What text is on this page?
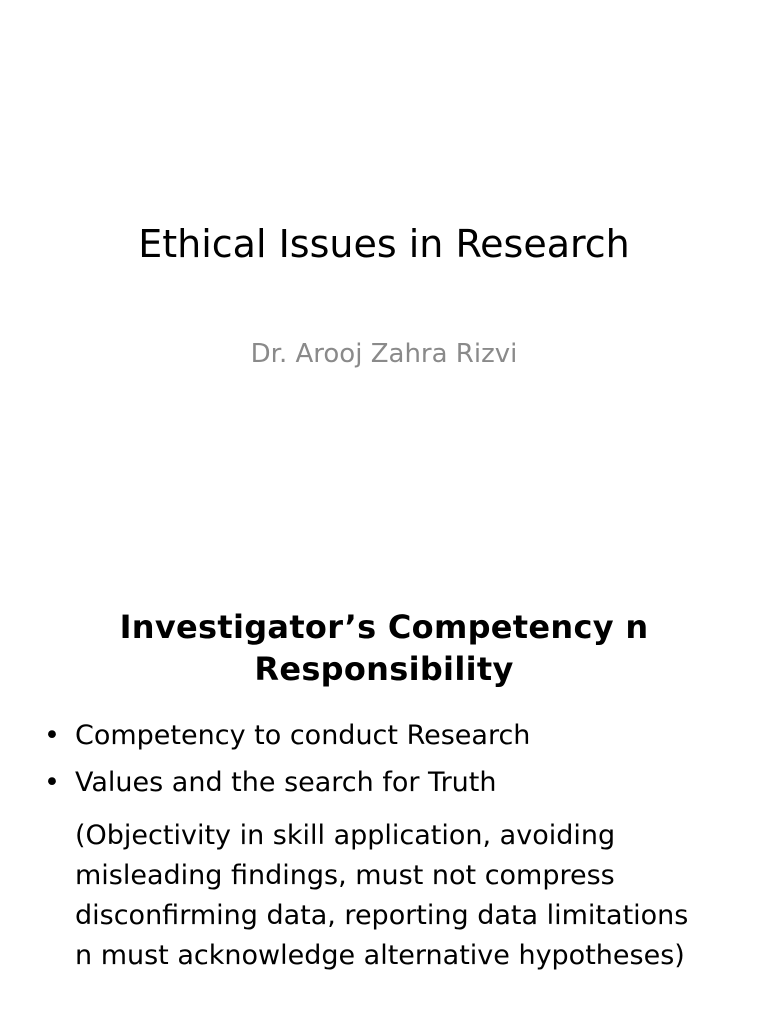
Ethical Issues in Research
Dr. Arooj Zahra Rizvi
Investigator’s Competency n
Responsibility
• Competency to conduct Research
• Values and the search for Truth
(Objectivity in skill application, avoiding
misleading findings, must not compress
disconfirming data, reporting data limitations
n must acknowledge alternative hypotheses)
